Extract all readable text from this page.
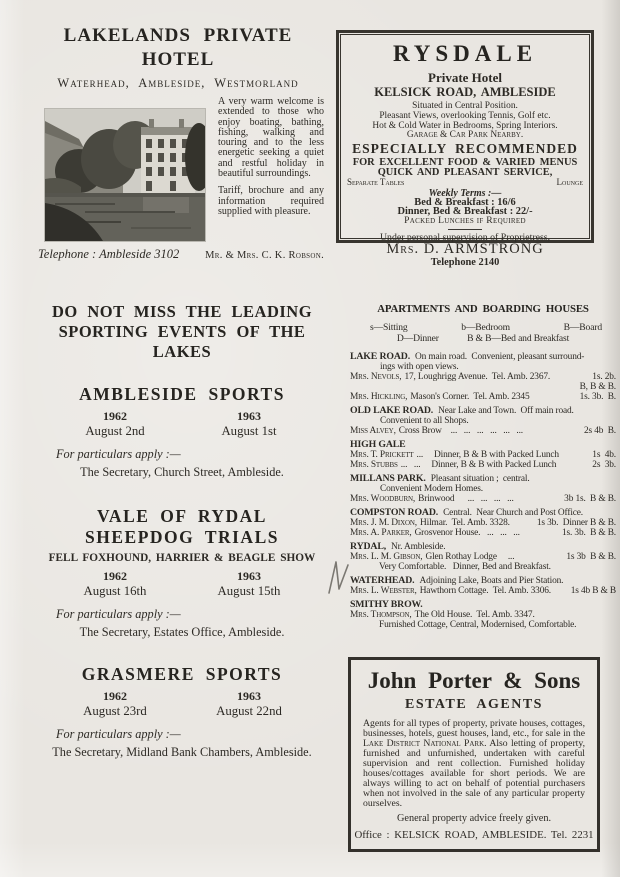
LAKELANDS PRIVATE HOTEL
Waterhead, Ambleside, Westmorland

A very warm welcome is extended to those who enjoy boating, bathing, fishing, walking and touring and to the less energetic seeking a quiet and restful holiday in beautiful surroundings.

Tariff, brochure and any information required supplied with pleasure.

Telephone : Ambleside 3102 Mr. & Mrs. C. K. Robson.
RYSDALE
Private Hotel
KELSICK ROAD, AMBLESIDE
Situated in Central Position.
Pleasant Views, overlooking Tennis, Golf etc.
Hot & Cold Water in Bedrooms, Spring Interiors.
Garage & Car Park Nearby.
ESPECIALLY RECOMMENDED
FOR EXCELLENT FOOD & VARIED MENUS
QUICK AND PLEASANT SERVICE,
Separate Tables	Lounge
Weekly Terms :—
Bed & Breakfast : 16/6
Dinner, Bed & Breakfast : 22/-
Packed Lunches if Required
Under personal supervision of Proprietress,
Mrs. D. ARMSTRONG
Telephone 2140
DO NOT MISS THE LEADING
SPORTING EVENTS OF THE LAKES
AMBLESIDE SPORTS
1962
August 2nd
1963
August 1st
For particulars apply :—
The Secretary, Church Street, Ambleside.
VALE OF RYDAL
SHEEPDOG TRIALS
FELL FOXHOUND, HARRIER & BEAGLE SHOW
1962
August 16th
1963
August 15th
For particulars apply :—
The Secretary, Estates Office, Ambleside.
GRASMERE SPORTS
1962
August 23rd
1963
August 22nd
For particulars apply :—
The Secretary, Midland Bank Chambers, Ambleside.
APARTMENTS AND BOARDING HOUSES
s—Sitting	b—Bedroom	B—Board
D—Dinner	B & B—Bed and Breakfast
LAKE ROAD. On main road.  Convenient, pleasant surround-
ings with open views.
Mrs. Nevols, 17, Loughrigg Avenue.  Tel. Amb. 2367.	1s. 2b.
B, B & B.
Mrs. Hickling, Mason's Corner.  Tel. Amb. 2345	1s. 3b.  B.
OLD LAKE ROAD. Near Lake and Town.  Off main road.
Convenient to all Shops.
Miss Alvey, Cross Brow    ...   ...   ...   ...   ...   ...	2s 4b  B.
HIGH GALE
Mrs. T. Prickett ...     Dinner, B & B with Packed Lunch	1s  4b.
Mrs. Stubbs ...   ...     Dinner, B & B with Packed Lunch	2s  3b.
MILLANS PARK. Pleasant situation ;  central.
Convenient Modern Homes.
Mrs. Woodburn, Brinwood      ...   ...   ...   ...	3b 1s.  B & B.
COMPSTON ROAD. Central.  Near Church and Post Office.
Mrs. J. M. Dixon, Hilmar.  Tel. Amb. 3328.	1s 3b.  Dinner B & B.
Mrs. A. Parker, Grosvenor House.   ...   ...   ...	1s. 3b.  B & B.
RYDAL, Nr. Ambleside.
Mrs. L. M. Gibson, Glen Rothay Lodge     ...	1s 3b  B & B.
Very Comfortable.   Dinner, Bed and Breakfast.
WATERHEAD. Adjoining Lake, Boats and Pier Station.
Mrs. L. Webster, Hawthorn Cottage.  Tel. Amb. 3306.	1s 4b B & B
SMITHY BROW.
Mrs. Thompson, The Old House.  Tel. Amb. 3347.
Furnished Cottage, Central, Modernised, Comfortable.
John Porter & Sons
ESTATE AGENTS

Agents for all types of property, private houses, cottages, businesses, hotels, guest houses, land, etc., for sale in the Lake District National Park. Also letting of property, furnished and unfurnished, undertaken with careful supervision and rent collection. Furnished holiday houses/cottages available for short periods. We are always willing to act on behalf of potential purchasers when not involved in the sale of any particular property ourselves.

General property advice freely given.
Office : KELSICK ROAD, AMBLESIDE. Tel. 2231
